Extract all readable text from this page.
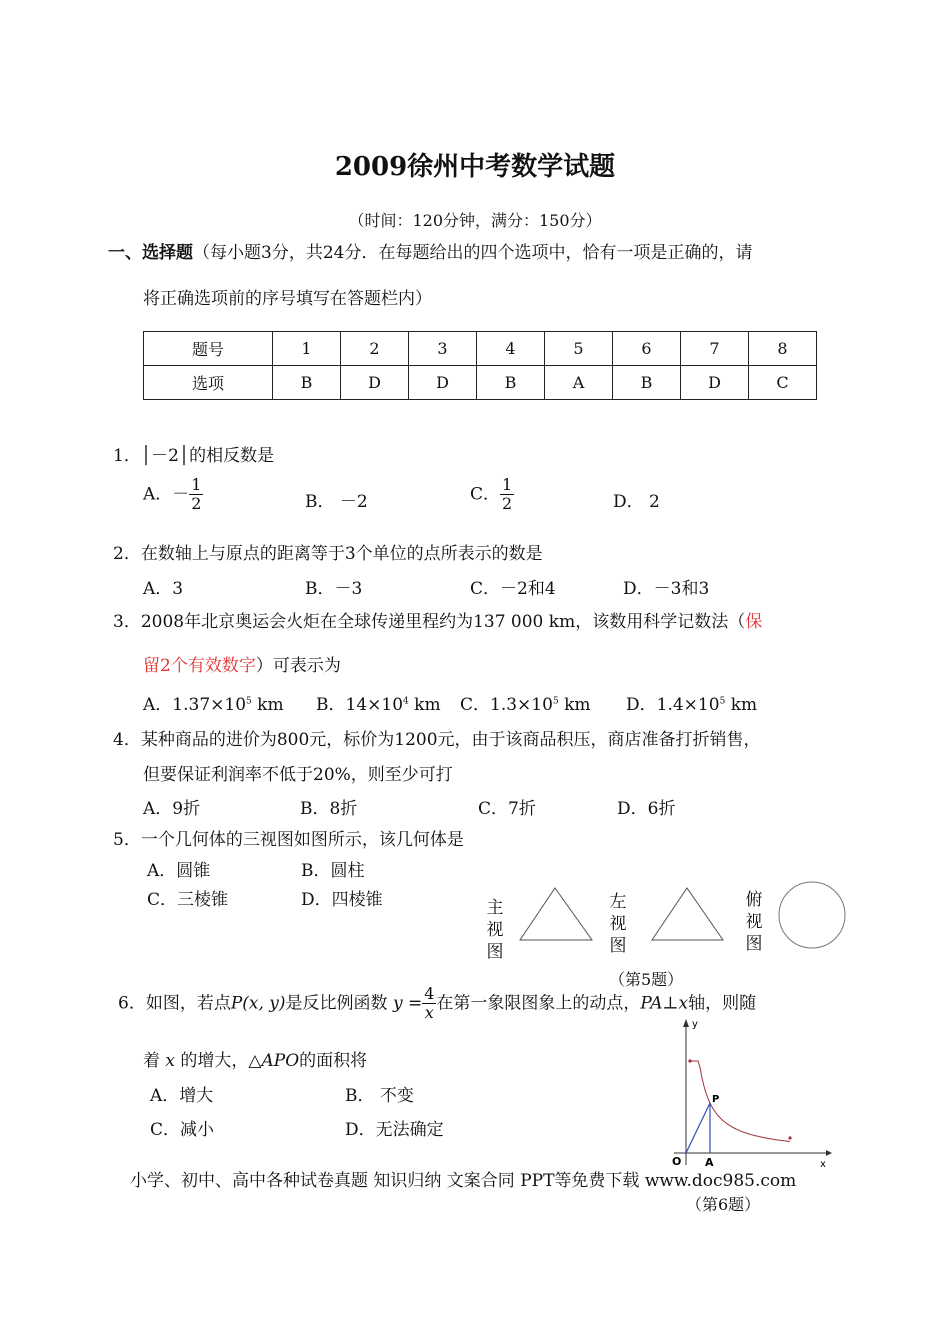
2009徐州中考数学试题
（时间：120分钟，满分：150分）
一、选择题（每小题3分，共24分．在每题给出的四个选项中，恰有一项是正确的，请
将正确选项前的序号填写在答题栏内）
题号	1	2	3	4	5	6	7	8
选项	B	D	D	B	A	B	D	C
1．│－2│的相反数是
A．－ $\frac{1}{2}$	B． －2	C． $\frac{1}{2}$	D． 2
2．在数轴上与原点的距离等于3个单位的点所表示的数是
A．3	B．－3	C．－2和4	D．－3和3
3．2008年北京奥运会火炬在全球传递里程约为137 000 km，该数用科学记数法（保
留2个有效数字）可表示为
A．$1.37\times 10^5$ km B．$14\times 10^4$ km C．$1.3\times 10^5$ km D．$1.4\times 10^5$ km
4．某种商品的进价为800元，标价为1200元，由于该商品积压，商店准备打折销售，
但要保证利润率不低于20%，则至少可打
A．9折	B．8折	C．7折	D．6折
5．一个几何体的三视图如图所示，该几何体是
A．圆锥	B．圆柱
C．三棱锥	D．四棱锥	主
视
图
左
视
图
俯
视
图
（第5题）
6．如图，若点P(x, y)是反比例函数 $y = \frac{4}{x}$ 在第一象限图象上的动点，PA⊥x轴，则随
着 x 的增大，△APO的面积将
A．增大	B． 不变
C．减小	D．无法确定
y
x
O A
P
小学、初中、高中各种试卷真题 知识归纳 文案合同 PPT等免费下载 www.doc985.com
（第6题）
